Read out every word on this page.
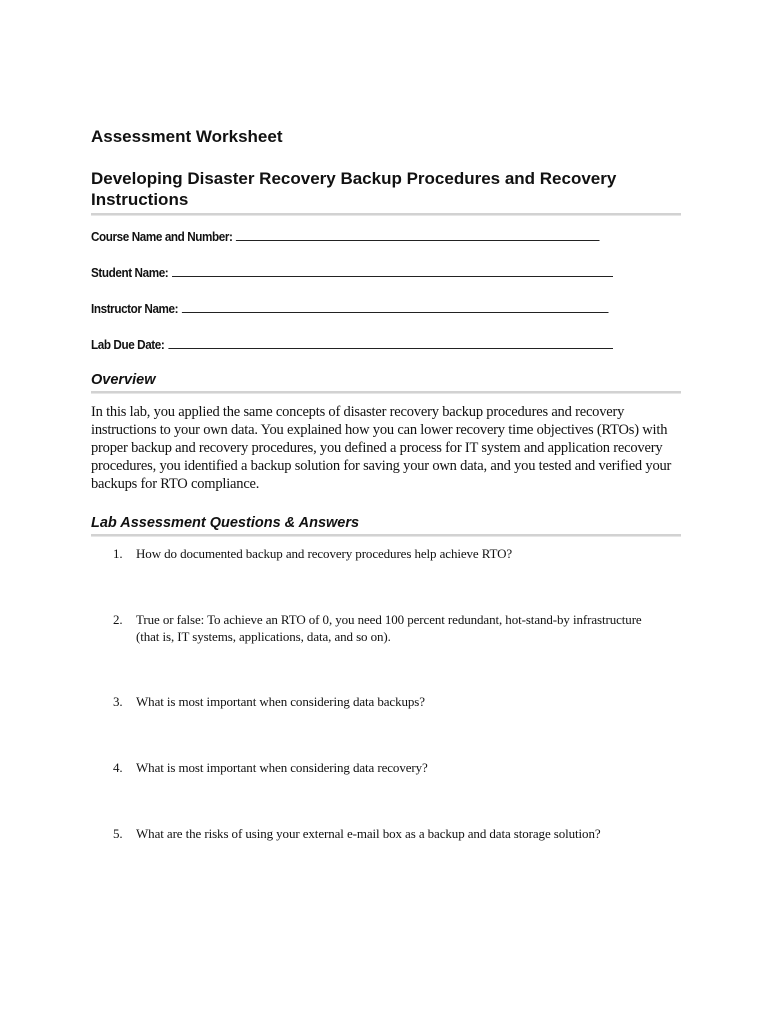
Assessment Worksheet
Developing Disaster Recovery Backup Procedures and Recovery Instructions
Course Name and Number:
Student Name:
Instructor Name:
Lab Due Date:
Overview

In this lab, you applied the same concepts of disaster recovery backup procedures and recovery instructions to your own data. You explained how you can lower recovery time objectives (RTOs) with proper backup and recovery procedures, you defined a process for IT system and application recovery procedures, you identified a backup solution for saving your own data, and you tested and verified your backups for RTO compliance.

Lab Assessment Questions & Answers
1. How do documented backup and recovery procedures help achieve RTO?
2. True or false: To achieve an RTO of 0, you need 100 percent redundant, hot-stand-by infrastructure (that is, IT systems, applications, data, and so on).
3. What is most important when considering data backups?
4. What is most important when considering data recovery?
5. What are the risks of using your external e-mail box as a backup and data storage solution?
